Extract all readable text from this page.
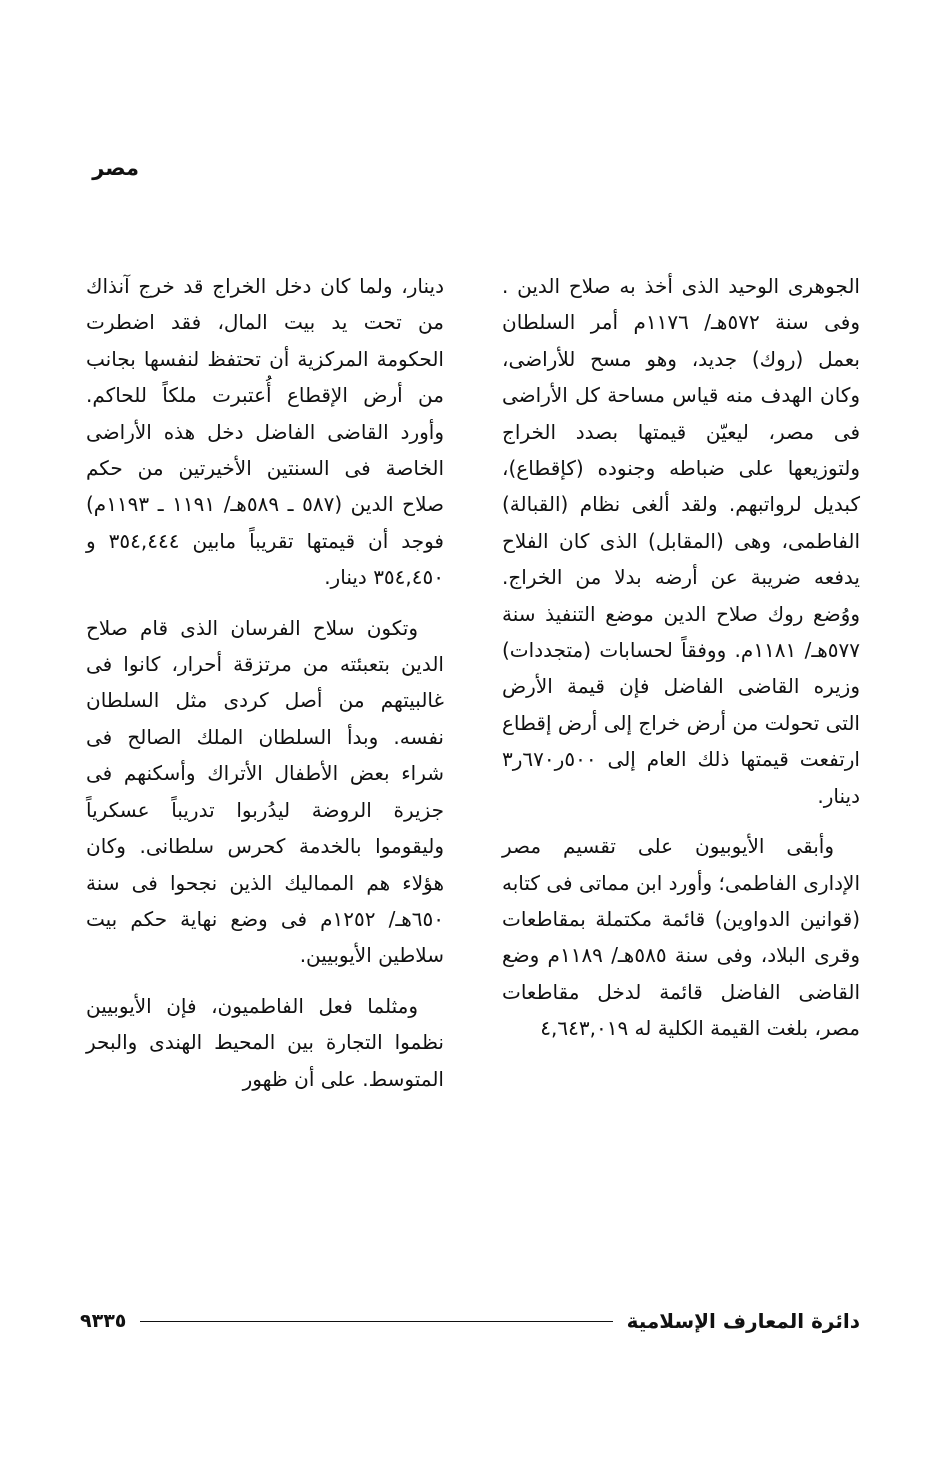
مصر

الجوهرى الوحيد الذى أخذ به صلاح الدين . وفى سنة ٥٧٢هـ/ ١١٧٦م أمر السلطان بعمل (روك) جديد، وهو مسح للأراضى، وكان الهدف منه قياس مساحة كل الأراضى فى مصر، ليعيّن قيمتها بصدد الخراج ولتوزيعها على ضباطه وجنوده (كإقطاع)، كبديل لرواتبهم. ولقد ألغى نظام (القبالة) الفاطمى، وهى (المقابل) الذى كان الفلاح يدفعه ضريبة عن أرضه بدلا من الخراج. ووُضع روك صلاح الدين موضع التنفيذ سنة ٥٧٧هـ/ ١١٨١م. ووفقاً لحسابات (متجددات) وزيره القاضى الفاضل فإن قيمة الأرض التى تحولت من أرض خراج إلى أرض إقطاع ارتفعت قيمتها ذلك العام إلى ٥٠٠ر٦٧٠ر٣ دينار.

وأبقى الأيوبيون على تقسيم مصر الإدارى الفاطمى؛ وأورد ابن مماتى فى كتابه (قوانين الدواوين) قائمة مكتملة بمقاطعات وقرى البلاد، وفى سنة ٥٨٥هـ/ ١١٨٩م وضع القاضى الفاضل قائمة لدخل مقاطعات مصر، بلغت القيمة الكلية له ٤,٦٤٣,٠١٩

دينار، ولما كان دخل الخراج قد خرج آنذاك من تحت يد بيت المال، فقد اضطرت الحكومة المركزية أن تحتفظ لنفسها بجانب من أرض الإقطاع أُعتبرت ملكاً للحاكم. وأورد القاضى الفاضل دخل هذه الأراضى الخاصة فى السنتين الأخيرتين من حكم صلاح الدين (٥٨٧ ـ ٥٨٩هـ/ ١١٩١ ـ ١١٩٣م) فوجد أن قيمتها تقريباً مابين ٣٥٤,٤٤٤ و ٣٥٤,٤٥٠ دينار.

وتكون سلاح الفرسان الذى قام صلاح الدين بتعبئته من مرتزقة أحرار، كانوا فى غالبيتهم من أصل كردى مثل السلطان نفسه. وبدأ السلطان الملك الصالح فى شراء بعض الأطفال الأتراك وأسكنهم فى جزيرة الروضة ليدُربوا تدريباً عسكرياً وليقوموا بالخدمة كحرس سلطانى. وكان هؤلاء هم المماليك الذين نجحوا فى سنة ٦٥٠هـ/ ١٢٥٢م فى وضع نهاية حكم بيت سلاطين الأيوبيين.

ومثلما فعل الفاطميون، فإن الأيوبيين نظموا التجارة بين المحيط الهندى والبحر المتوسط. على أن ظهور

دائرة المعارف الإسلامية
٩٣٣٥
